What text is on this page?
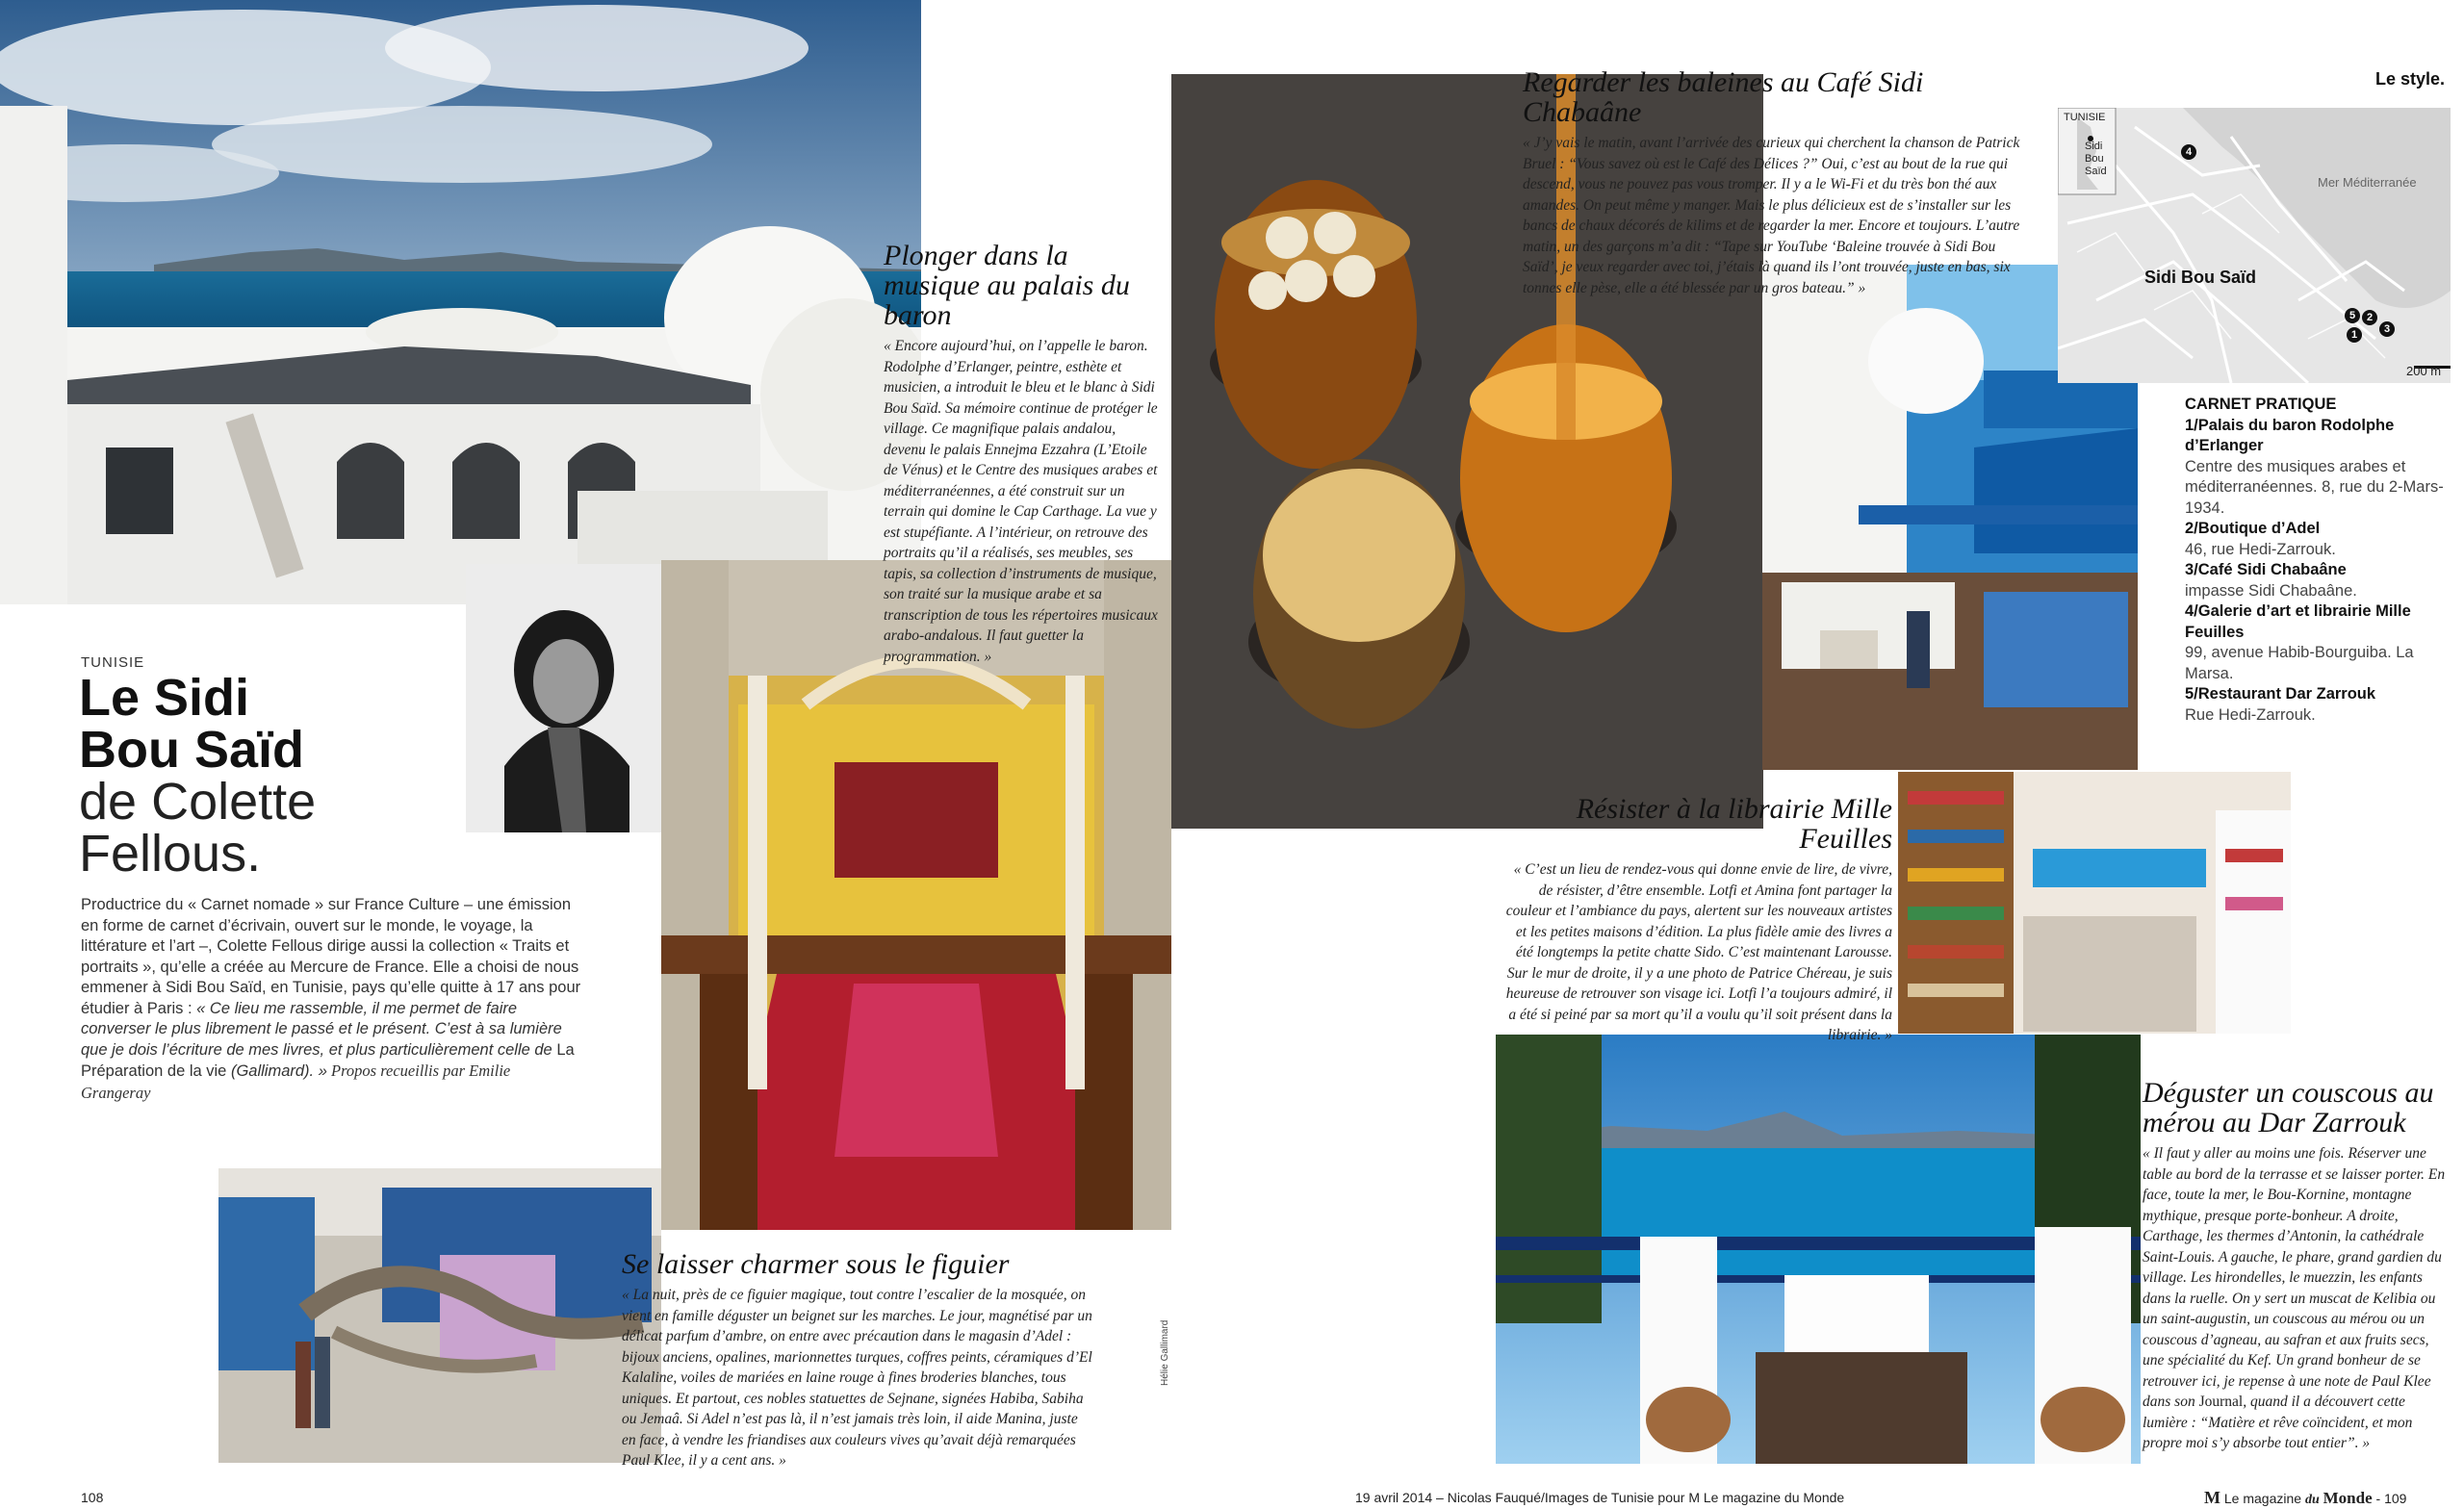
TUNISIE
Le Sidi
Bou Saïd
de Colette
Fellous.

Productrice du « Carnet nomade » sur France Culture – une émission en forme de carnet d’écrivain, ouvert sur le monde, le voyage, la littérature et l’art –, Colette Fellous dirige aussi la collection « Traits et portraits », qu’elle a créée au Mercure de France. Elle a choisi de nous emmener à Sidi Bou Saïd, en Tunisie, pays qu’elle quitte à 17 ans pour étudier à Paris : « Ce lieu me rassemble, il me permet de faire converser le plus librement le passé et le présent. C’est à sa lumière que je dois l’écriture de mes livres, et plus particulièrement celle de La Préparation de la vie (Gallimard). » Propos recueillis par Emilie Grangeray

Plonger dans la musique au palais du baron

« Encore aujourd’hui, on l’appelle le baron. Rodolphe d’Erlanger, peintre, esthète et musicien, a introduit le bleu et le blanc à Sidi Bou Saïd. Sa mémoire continue de protéger le village. Ce magnifique palais andalou, devenu le palais Ennejma Ezzahra (L’Etoile de Vénus) et le Centre des musiques arabes et méditerranéennes, a été construit sur un terrain qui domine le Cap Carthage. La vue y est stupéfiante. A l’intérieur, on retrouve des portraits qu’il a réalisés, ses meubles, ses tapis, sa collection d’instruments de musique, son traité sur la musique arabe et sa transcription de tous les répertoires musicaux arabo-andalous. Il faut guetter la programmation. »

Se laisser charmer sous le figuier

« La nuit, près de ce figuier magique, tout contre l’escalier de la mosquée, on vient en famille déguster un beignet sur les marches. Le jour, magnétisé par un délicat parfum d’ambre, on entre avec précaution dans le magasin d’Adel : bijoux anciens, opalines, marionnettes turques, coffres peints, céramiques d’El Kalaline, voiles de mariées en laine rouge à fines broderies blanches, tous uniques. Et partout, ces nobles statuettes de Sejnane, signées Habiba, Sabiha ou Jemaâ. Si Adel n’est pas là, il n’est jamais très loin, il aide Manina, juste en face, à vendre les friandises aux couleurs vives qu’avait déjà remarquées Paul Klee, il y a cent ans. »

Hélie Gallimard
108
Regarder les baleines au Café Sidi Chabaâne

« J’y vais le matin, avant l’arrivée des curieux qui cherchent la chanson de Patrick Bruel : “Vous savez où est le Café des Délices ?” Oui, c’est au bout de la rue qui descend, vous ne pouvez pas vous tromper. Il y a le Wi-Fi et du très bon thé aux amandes. On peut même y manger. Mais le plus délicieux est de s’installer sur les bancs de chaux décorés de kilims et de regarder la mer. Encore et toujours. L’autre matin, un des garçons m’a dit : “Tape sur YouTube ‘Baleine trouvée à Sidi Bou Saïd’, je veux regarder avec toi, j’étais là quand ils l’ont trouvée, juste en bas, six tonnes elle pèse, elle a été blessée par un gros bateau.” »

Résister à la librairie Mille Feuilles

« C’est un lieu de rendez-vous qui donne envie de lire, de vivre, de résister, d’être ensemble. Lotfi et Amina font partager la couleur et l’ambiance du pays, alertent sur les nouveaux artistes et les petites maisons d’édition. La plus fidèle amie des livres a été longtemps la petite chatte Sido. C’est maintenant Larousse. Sur le mur de droite, il y a une photo de Patrice Chéreau, je suis heureuse de retrouver son visage ici. Lotfi l’a toujours admiré, il a été si peiné par sa mort qu’il a voulu qu’il soit présent dans la librairie. »

Déguster un couscous au mérou au Dar Zarrouk

« Il faut y aller au moins une fois. Réserver une table au bord de la terrasse et se laisser porter. En face, toute la mer, le Bou-Kornine, montagne mythique, presque porte-bonheur. A droite, Carthage, les thermes d’Antonin, la cathédrale Saint-Louis. A gauche, le phare, grand gardien du village. Les hirondelles, le muezzin, les enfants dans la ruelle. On y sert un muscat de Kelibia ou un saint-augustin, un couscous au mérou ou un couscous d’agneau, au safran et aux fruits secs, une spécialité du Kef. Un grand bonheur de se retrouver ici, je repense à une note de Paul Klee dans son Journal, quand il a découvert cette lumière : “Matière et rêve coïncident, et mon propre moi s’y absorbe tout entier”. »

Le style.
TUNISIE
Sidi
Bou
Saïd
Mer Méditerranée
Sidi Bou Saïd
200 m
4
5	2
3
1
CARNET PRATIQUE
1/Palais du baron Rodolphe d’Erlanger
Centre des musiques arabes et méditerranéennes. 8, rue du 2-Mars-1934.
2/Boutique d’Adel
46, rue Hedi-Zarrouk.
3/Café Sidi Chabaâne
impasse Sidi Chabaâne.
4/Galerie d’art et librairie Mille Feuilles
99, avenue Habib-Bourguiba. La Marsa.
5/Restaurant Dar Zarrouk
Rue Hedi-Zarrouk.
19 avril 2014 – Nicolas Fauqué/Images de Tunisie pour M Le magazine du Monde	M Le magazine du Monde - 109
